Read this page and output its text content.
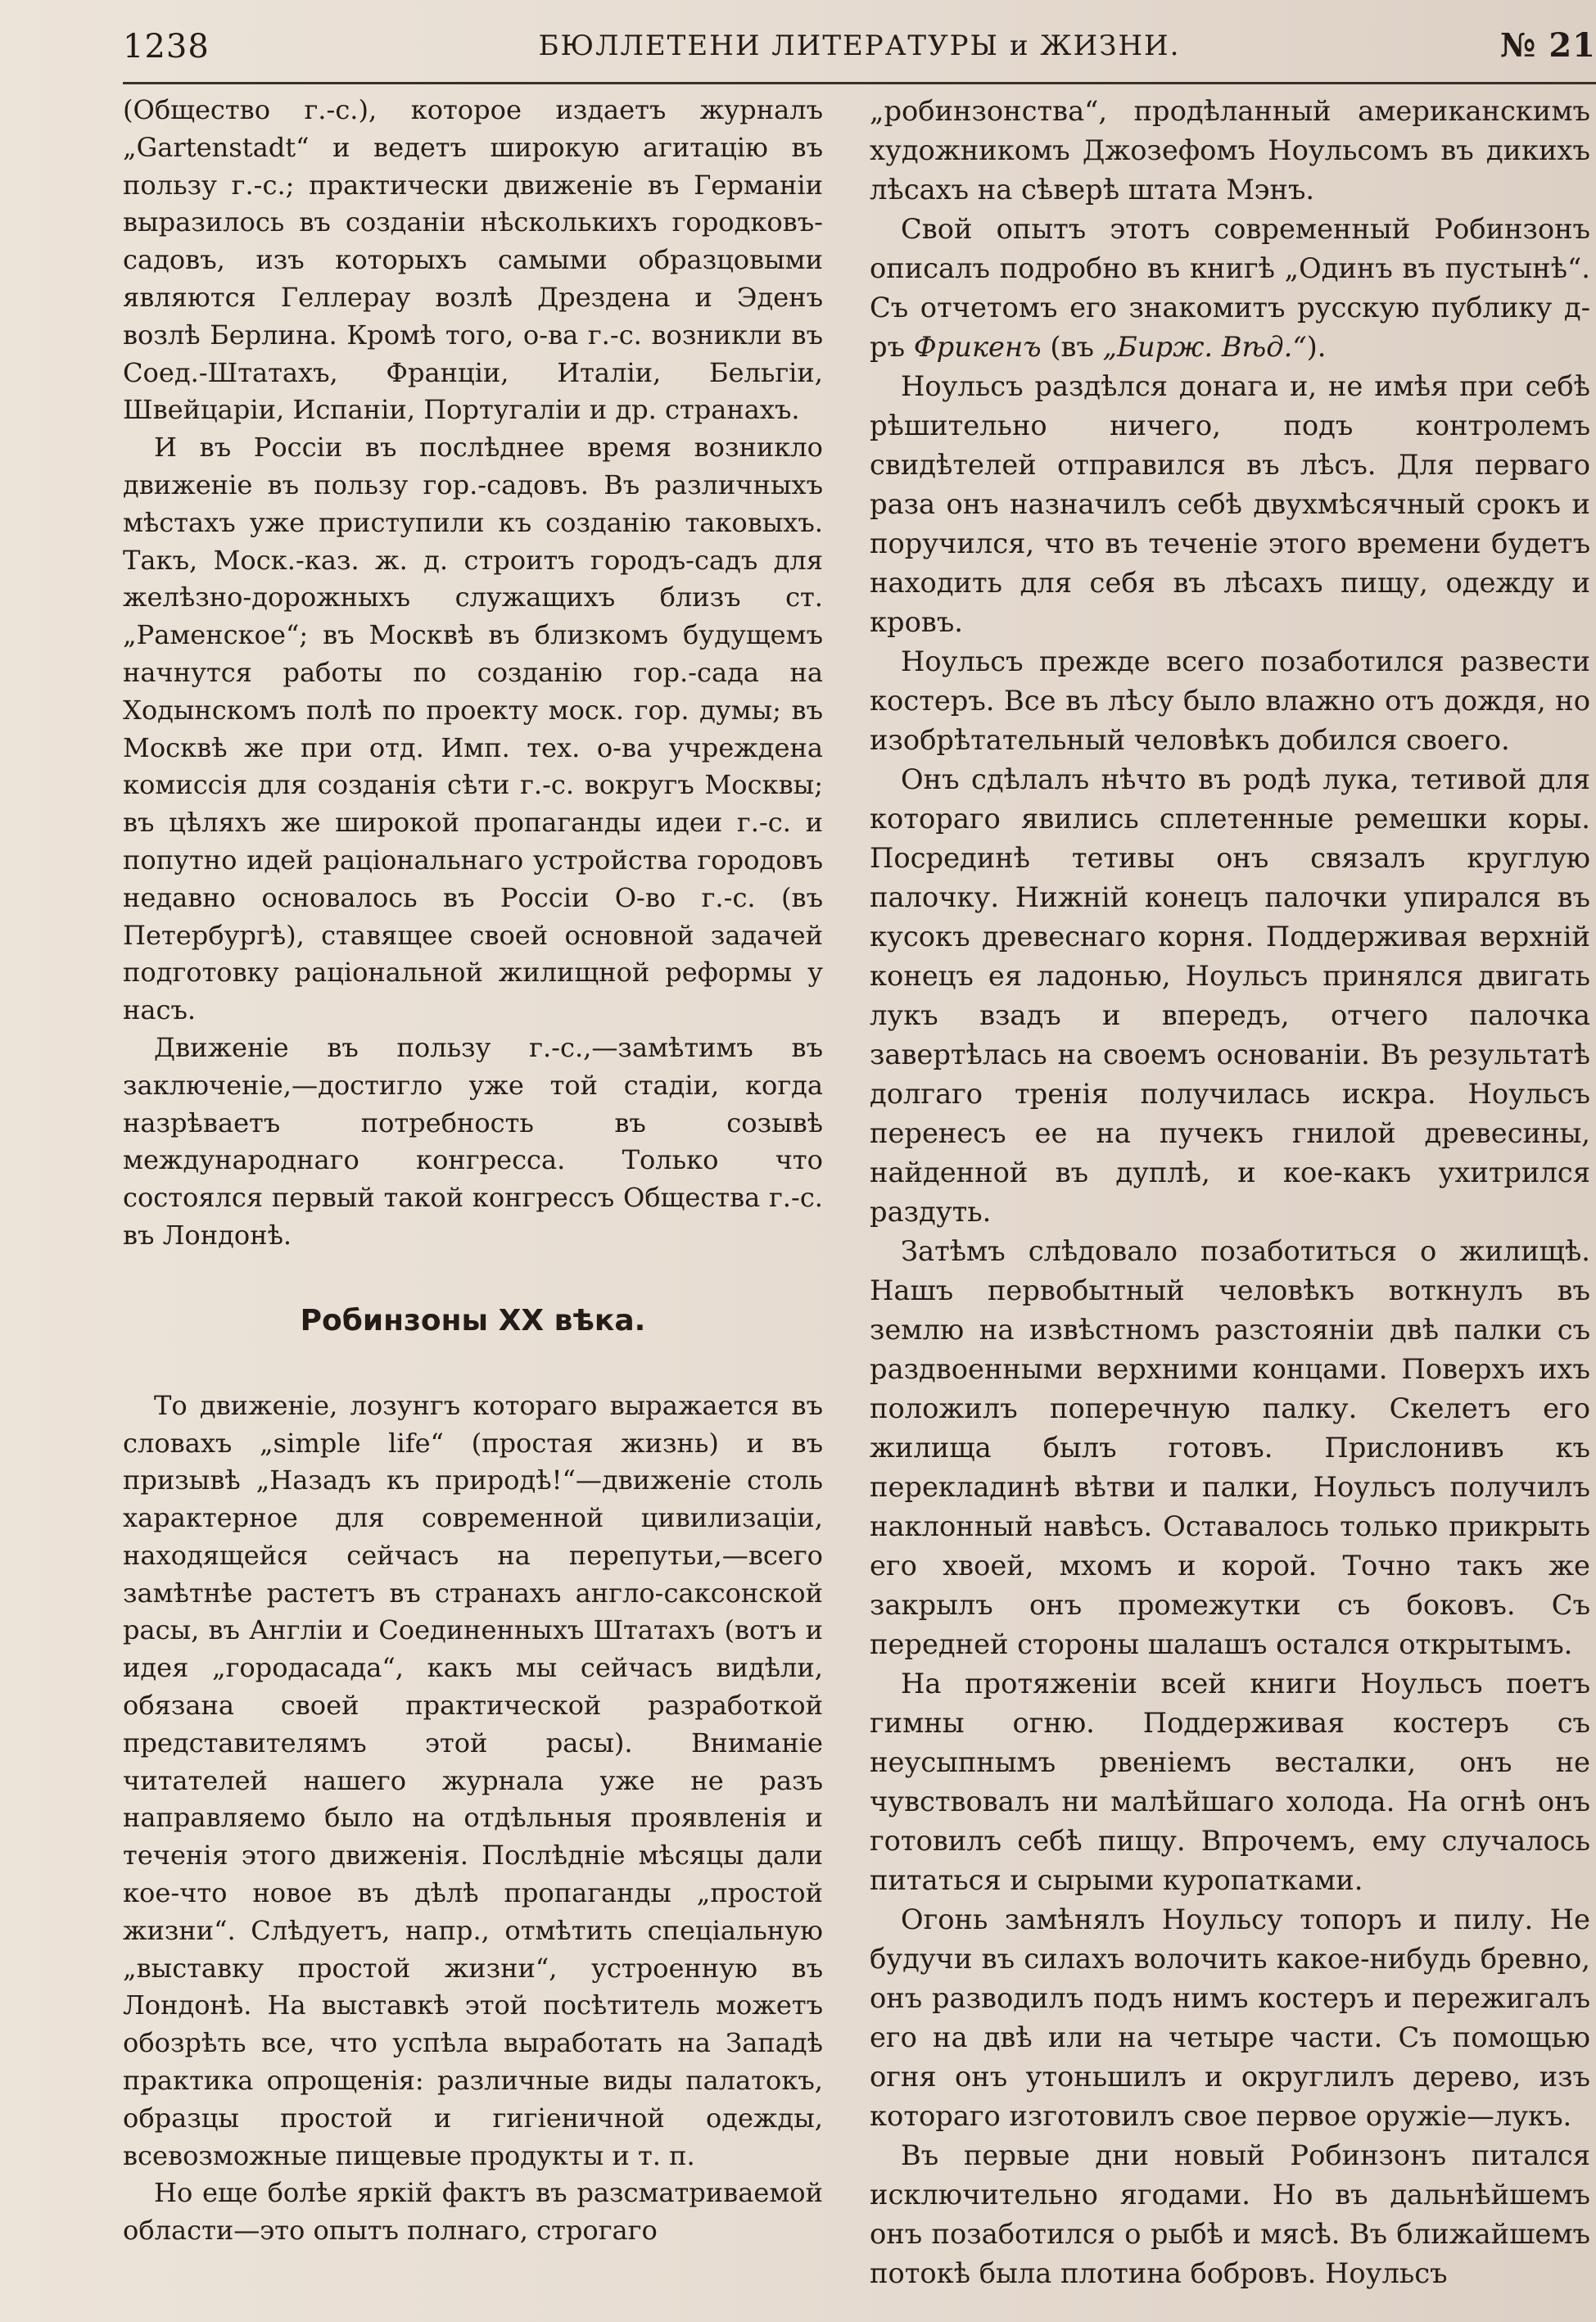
1238	БЮЛЛЕТЕНИ ЛИТЕРАТУРЫ и ЖИЗНИ.	№ 21

(Общество г.-с.), которое издаетъ журналъ „Gartenstadt“ и ведетъ широкую агитацію въ пользу г.-с.; практически движеніе въ Германіи выразилось въ созданіи нѣсколькихъ городковъ-садовъ, изъ которыхъ самыми образцовыми являются Геллерау возлѣ Дрездена и Эденъ возлѣ Берлина. Кромѣ того, о-ва г.-с. возникли въ Соед.-Штатахъ, Франціи, Италіи, Бельгіи, Швейцаріи, Испаніи, Португаліи и др. странахъ.

И въ Россіи въ послѣднее время возникло движеніе въ пользу гор.-садовъ. Въ различныхъ мѣстахъ уже приступили къ созданію таковыхъ. Такъ, Моск.-каз. ж. д. строитъ городъ-садъ для желѣзно-дорожныхъ служащихъ близъ ст. „Раменское“; въ Москвѣ въ близкомъ будущемъ начнутся работы по созданію гор.-сада на Ходынскомъ полѣ по проекту моск. гор. думы; въ Москвѣ же при отд. Имп. тех. о-ва учреждена комиссія для созданія сѣти г.-с. вокругъ Москвы; въ цѣляхъ же широкой пропаганды идеи г.-с. и попутно идей раціональнаго устройства городовъ недавно основалось въ Россіи О-во г.-с. (въ Петербургѣ), ставящее своей основной задачей подготовку раціональной жилищной реформы у насъ.

Движеніе въ пользу г.-с.,—замѣтимъ въ заключеніе,—достигло уже той стадіи, когда назрѣваетъ потребность въ созывѣ международнаго конгресса. Только что состоялся первый такой конгрессъ Общества г.-с. въ Лондонѣ.

Робинзоны XX вѣка.

То движеніе, лозунгъ котораго выражается въ словахъ „simple life“ (простая жизнь) и въ призывѣ „Назадъ къ природѣ!“—движеніе столь характерное для современной цивилизаціи, находящейся сейчасъ на перепутьи,—всего замѣтнѣе растетъ въ странахъ англо-саксонской расы, въ Англіи и Соединенныхъ Штатахъ (вотъ и идея „городасада“, какъ мы сейчасъ видѣли, обязана своей практической разработкой представителямъ этой расы). Вниманіе читателей нашего журнала уже не разъ направляемо было на отдѣльныя проявленія и теченія этого движенія. Послѣдніе мѣсяцы дали кое-что новое въ дѣлѣ пропаганды „простой жизни“. Слѣдуетъ, напр., отмѣтить спеціальную „выставку простой жизни“, устроенную въ Лондонѣ. На выставкѣ этой посѣтитель можетъ обозрѣть все, что успѣла выработать на Западѣ практика опрощенія: различные виды палатокъ, образцы простой и гигіеничной одежды, всевозможные пищевые продукты и т. п.

Но еще болѣе яркій фактъ въ разсматриваемой области—это опытъ полнаго, строгаго

„робинзонства“, продѣланный американскимъ художникомъ Джозефомъ Ноульсомъ въ дикихъ лѣсахъ на сѣверѣ штата Мэнъ.

Свой опытъ этотъ современный Робинзонъ описалъ подробно въ книгѣ „Одинъ въ пустынѣ“. Съ отчетомъ его знакомитъ русскую публику д-ръ Фрикенъ (въ „Бирж. Вѣд.“).

Ноульсъ раздѣлся донага и, не имѣя при себѣ рѣшительно ничего, подъ контролемъ свидѣтелей отправился въ лѣсъ. Для перваго раза онъ назначилъ себѣ двухмѣсячный срокъ и поручился, что въ теченіе этого времени будетъ находить для себя въ лѣсахъ пищу, одежду и кровъ.

Ноульсъ прежде всего позаботился развести костеръ. Все въ лѣсу было влажно отъ дождя, но изобрѣтательный человѣкъ добился своего.

Онъ сдѣлалъ нѣчто въ родѣ лука, тетивой для котораго явились сплетенные ремешки коры. Посрединѣ тетивы онъ связалъ круглую палочку. Нижній конецъ палочки упирался въ кусокъ древеснаго корня. Поддерживая верхній конецъ ея ладонью, Ноульсъ принялся двигать лукъ взадъ и впередъ, отчего палочка завертѣлась на своемъ основаніи. Въ результатѣ долгаго тренія получилась искра. Ноульсъ перенесъ ее на пучекъ гнилой древесины, найденной въ дуплѣ, и кое-какъ ухитрился раздуть.

Затѣмъ слѣдовало позаботиться о жилищѣ. Нашъ первобытный человѣкъ воткнулъ въ землю на извѣстномъ разстояніи двѣ палки съ раздвоенными верхними концами. Поверхъ ихъ положилъ поперечную палку. Скелетъ его жилища былъ готовъ. Прислонивъ къ перекладинѣ вѣтви и палки, Ноульсъ получилъ наклонный навѣсъ. Оставалось только прикрыть его хвоей, мхомъ и корой. Точно такъ же закрылъ онъ промежутки съ боковъ. Съ передней стороны шалашъ остался открытымъ.

На протяженіи всей книги Ноульсъ поетъ гимны огню. Поддерживая костеръ съ неусыпнымъ рвеніемъ весталки, онъ не чувствовалъ ни малѣйшаго холода. На огнѣ онъ готовилъ себѣ пищу. Впрочемъ, ему случалось питаться и сырыми куропатками.

Огонь замѣнялъ Ноульсу топоръ и пилу. Не будучи въ силахъ волочить какое-нибудь бревно, онъ разводилъ подъ нимъ костеръ и пережигалъ его на двѣ или на четыре части. Съ помощью огня онъ утоньшилъ и округлилъ дерево, изъ котораго изготовилъ свое первое оружіе—лукъ.

Въ первые дни новый Робинзонъ питался исключительно ягодами. Но въ дальнѣйшемъ онъ позаботился о рыбѣ и мясѣ. Въ ближайшемъ потокѣ была плотина бобровъ. Ноульсъ
